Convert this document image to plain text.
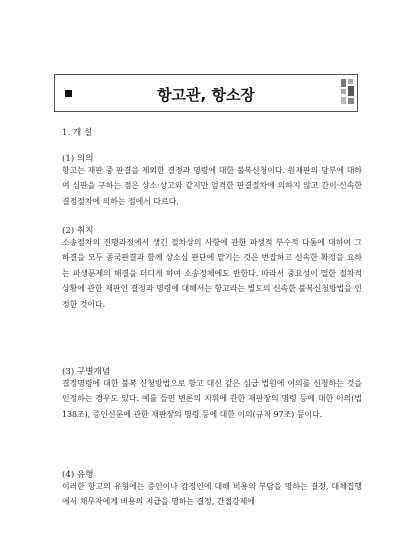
항고관, 항소장
1. 개 설
(1) 의의
항고는 재판 중 판결을 제외한 결정과 명령에 대한 불복신청이다. 원재판의 당부에 대하여 심판을 구하는 점은 상소·상고와 같지만 엄격한 판결절차에 의하지 않고 간이·신속한 결정절차에 의하는 점에서 다르다.
(2) 취지
소송절차의 진행과정에서 생긴 절차상의 사항에 관한 파생적 부수적 다툼에 대하여 그 하결을 모두 종국판결과 함께 상소심 판단에 맡기는 것은 번잡하고 신속한 확정을 요하는 파생문제의 해결을 더디게 하여 소송정체에도 반한다. 따라서 중요성이 떨한 절차적 상황에 관한 재판인 결정과 명령에 대해서는 항고라는 별도의 신속한 불복신청방법을 인정한 것이다.
(3) 구별개념
결정명령에 대한 불복 신청방법으로 항고 대신 같은 심급 법원에 이의를 신청하는 것을 인정하는 경우도 있다. 예를 들면 변론의 지휘에 관한 재판장의 명령 등에 대한 이의(법 138조), 증인신문에 관한 재판장의 명령 등에 대한 이의(규칙 97조) 등이다.
(4) 유형
이러한 항고의 유형에는 증인이나 감정인에 대해 비용의 부담을 명하는 결정, 대체집행에서 채무자에게 비용의 지급을 명하는 결정, 간접강제에
